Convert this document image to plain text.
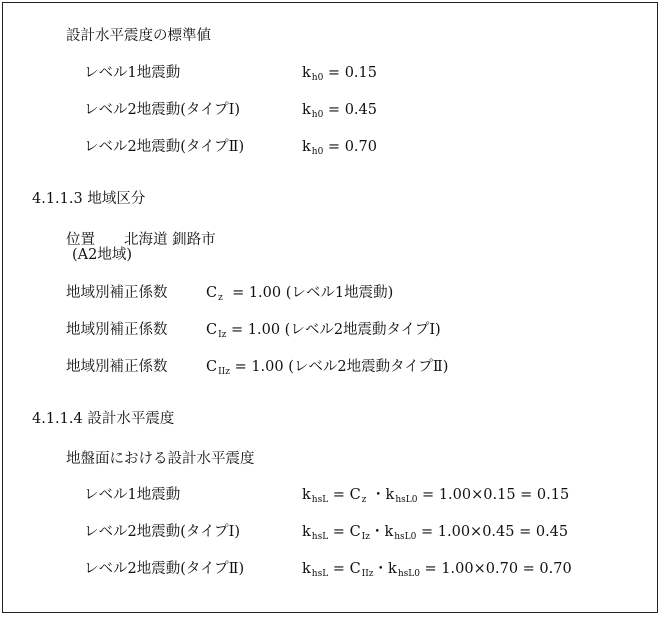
設計水平震度の標準値
レベル1地震動	$k_{h0} = 0.15$
レベル2地震動(タイプⅠ)	$k_{h0} = 0.45$
レベル2地震動(タイプⅡ)	$k_{h0} = 0.70$
4.1.1.3 地域区分
位置　　北海道 釧路市
(A2地域)
地域別補正係数	$C_z = 1.00$ (レベル1地震動)
地域別補正係数	$C_{Iz} = 1.00$ (レベル2地震動タイプⅠ)
地域別補正係数	$C_{IIz} = 1.00$ (レベル2地震動タイプⅡ)
4.1.1.4 設計水平震度
地盤面における設計水平震度
レベル1地震動	$k_{hsL} = C_z$ ・$k_{hsL0} = 1.00\times 0.15 = 0.15$
レベル2地震動(タイプⅠ)	$k_{hsL} = C_{Iz}$・$k_{hsL0} = 1.00\times 0.45 = 0.45$
レベル2地震動(タイプⅡ)	$k_{hsL} = C_{IIz}$・$k_{hsL0} = 1.00\times 0.70 = 0.70$
